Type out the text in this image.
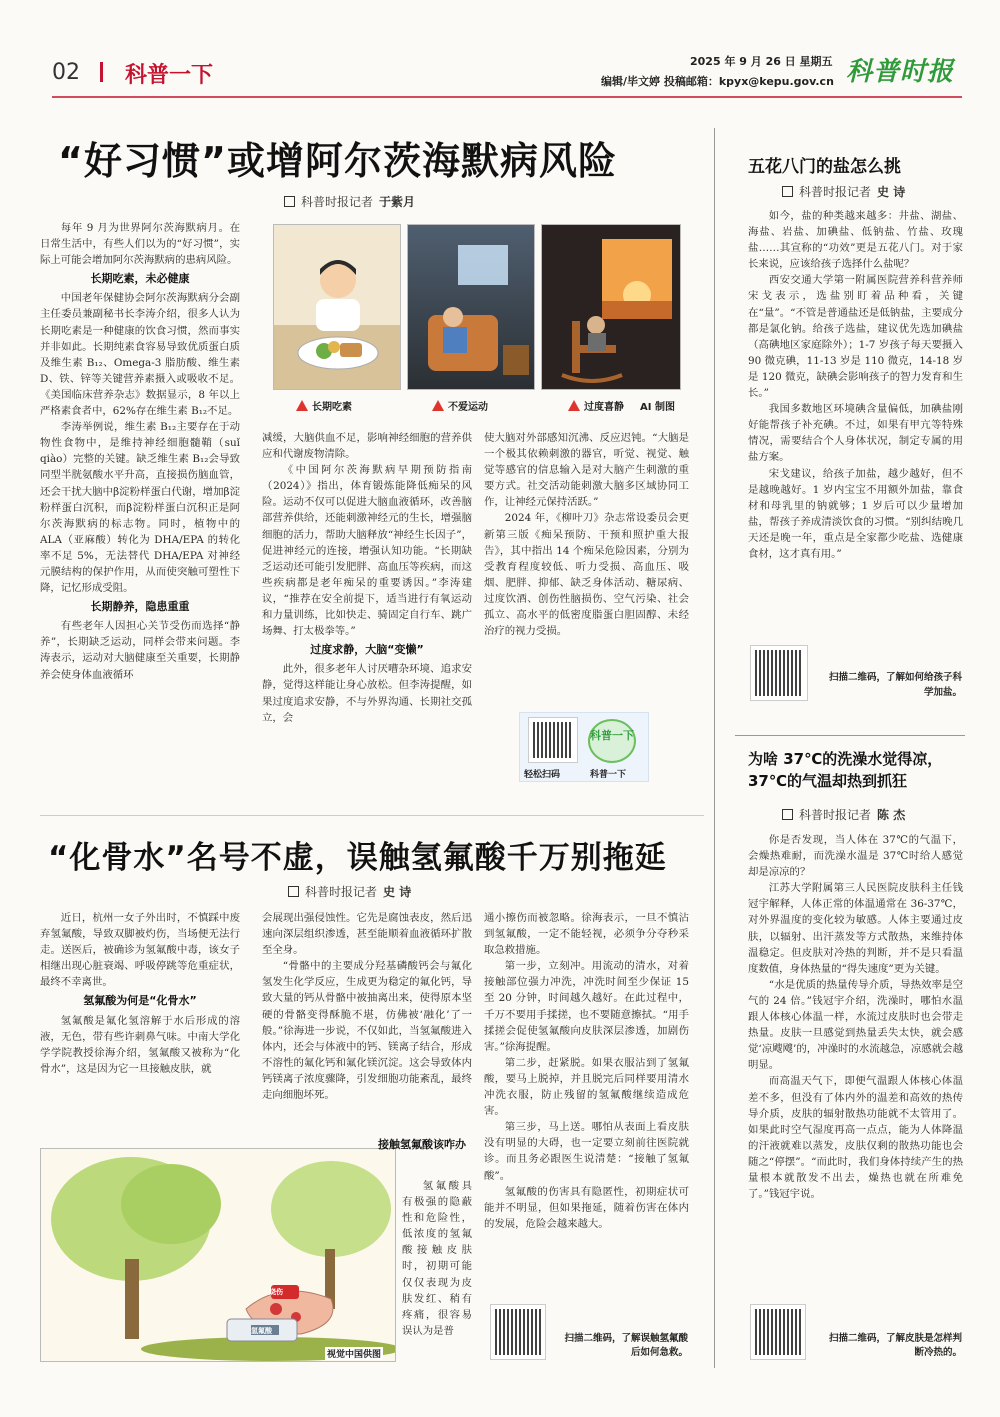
02 科普一下
2025 年 9 月 26 日 星期五
编辑/毕文婷 投稿邮箱：kpyx@kepu.gov.cn 科普时报
“好习惯”或增阿尔茨海默病风险
科普时报记者 于紫月

每年 9 月为世界阿尔茨海默病月。在日常生活中，有些人们以为的“好习惯”，实际上可能会增加阿尔茨海默病的患病风险。

长期吃素，未必健康

中国老年保健协会阿尔茨海默病分会副主任委员兼副秘书长李涛介绍，很多人认为长期吃素是一种健康的饮食习惯，然而事实并非如此。长期纯素食容易导致优质蛋白质及维生素 B₁₂、Omega-3 脂肪酸、维生素 D、铁、锌等关键营养素摄入或吸收不足。《美国临床营养杂志》数据显示，8 年以上严格素食者中，62%存在维生素 B₁₂不足。

李涛举例说，维生素 B₁₂主要存在于动物性食物中，是维持神经细胞髓鞘（suǐ qiào）完整的关键。缺乏维生素 B₁₂会导致同型半胱氨酸水平升高，直接损伤脑血管，还会干扰大脑中β淀粉样蛋白代谢，增加β淀粉样蛋白沉积，而β淀粉样蛋白沉积正是阿尔茨海默病的标志物。同时，植物中的 ALA（亚麻酸）转化为 DHA/EPA 的转化率不足 5%，无法替代 DHA/EPA 对神经元膜结构的保护作用，从而使突触可塑性下降，记忆形成受阻。

长期静养，隐患重重

有些老年人因担心关节受伤而选择“静养”，长期缺乏运动，同样会带来问题。李涛表示，运动对大脑健康至关重要，长期静养会使身体血液循环

长期吃素	不爱运动	过度喜静 AI 制图

减缓，大脑供血不足，影响神经细胞的营养供应和代谢废物清除。

《中国阿尔茨海默病早期预防指南（2024）》指出，体育锻炼能降低痴呆的风险。运动不仅可以促进大脑血液循环，改善脑部营养供给，还能刺激神经元的生长，增强脑细胞的活力，帮助大脑释放“神经生长因子”，促进神经元的连接，增强认知功能。“长期缺乏运动还可能引发肥胖、高血压等疾病，而这些疾病都是老年痴呆的重要诱因。”李涛建议，“推荐在安全前提下，适当进行有氧运动和力量训练，比如快走、骑固定自行车、跳广场舞、打太极拳等。”

过度求静，大脑“变懒”

此外，很多老年人讨厌嘈杂环境、追求安静，觉得这样能让身心放松。但李涛提醒，如果过度追求安静，不与外界沟通、长期社交孤立，会

使大脑对外部感知沉沸、反应迟钝。“大脑是一个极其依赖刺激的器官，听觉、视觉、触觉等感官的信息输入是对大脑产生刺激的重要方式。社交活动能刺激大脑多区域协同工作，让神经元保持活跃。”

2024 年，《柳叶刀》杂志常设委员会更新第三版《痴呆预防、干预和照护重大报告》，其中指出 14 个痴呆危险因素，分别为受教育程度较低、听力受损、高血压、吸烟、肥胖、抑郁、缺乏身体活动、糖尿病、过度饮酒、创伤性脑损伤、空气污染、社会孤立、高水平的低密度脂蛋白胆固醇、未经治疗的视力受损。

科普一下
轻松扫码	科普一下
“化骨水”名号不虚，误触氢氟酸千万别拖延
科普时报记者 史 诗

近日，杭州一女子外出时，不慎踩中废弃氢氟酸，导致双脚被灼伤，当场便无法行走。送医后，被确诊为氢氟酸中毒，该女子相继出现心脏衰竭、呼吸停跳等危重症状，最终不幸离世。

氢氟酸为何是“化骨水”

氢氟酸是氟化氢溶解于水后形成的溶液，无色，带有些许刺鼻气味。中南大学化学学院教授徐海介绍，氢氟酸又被称为“化骨水”，这是因为它一旦接触皮肤，就

会展现出强侵蚀性。它先是腐蚀表皮，然后迅速向深层组织渗透，甚至能顺着血液循环扩散至全身。

“骨骼中的主要成分羟基磷酸钙会与氟化氢发生化学反应，生成更为稳定的氟化钙，导致大量的钙从骨骼中被抽离出来，使得原本坚硬的骨骼变得酥脆不堪，仿佛被‘融化’了一般。”徐海进一步说，不仅如此，当氢氟酸进入体内，还会与体液中的钙、镁离子结合，形成不溶性的氟化钙和氟化镁沉淀。这会导致体内钙镁离子浓度骤降，引发细胞功能紊乱，最终走向细胞坏死。

烧伤
氢氟酸
视觉中国供图
接触氢氟酸该咋办

氢氟酸具有极强的隐蔽性和危险性，低浓度的氢氟酸接触皮肤时，初期可能仅仅表现为皮肤发红、稍有疼痛，很容易误认为是普

通小擦伤而被忽略。徐海表示，一旦不慎沾到氢氟酸，一定不能轻视，必须争分夺秒采取急救措施。

第一步，立刻冲。用流动的清水，对着接触部位强力冲洗，冲洗时间至少保证 15 至 20 分钟，时间越久越好。在此过程中，千万不要用手揉搓，也不要随意擦拭。“用手揉搓会促使氢氟酸向皮肤深层渗透，加剧伤害。”徐海提醒。

第二步，赶紧脱。如果衣服沾到了氢氟酸，要马上脱掉，并且脱完后同样要用清水冲洗衣服，防止残留的氢氟酸继续造成危害。

第三步，马上送。哪怕从表面上看皮肤没有明显的大碍，也一定要立刻前往医院就诊。而且务必跟医生说清楚：“接触了氢氟酸”。

氢氟酸的伤害具有隐匿性，初期症状可能并不明显，但如果拖延，随着伤害在体内的发展，危险会越来越大。

扫描二维码，了解误触氢氟酸后如何急救。
五花八门的盐怎么挑
科普时报记者 史 诗

如今，盐的种类越来越多：井盐、湖盐、海盐、岩盐、加碘盐、低钠盐、竹盐、玫瑰盐……其宣称的“功效”更是五花八门。对于家长来说，应该给孩子选择什么盐呢？

西安交通大学第一附属医院营养科营养师宋戈表示，选盐别盯着品种看，关键在“量”。“不管是普通盐还是低钠盐，主要成分都是氯化钠。给孩子选盐，建议优先选加碘盐（高碘地区家庭除外）；1-7 岁孩子每天要摄入 90 微克碘，11-13 岁是 110 微克，14-18 岁是 120 微克，缺碘会影响孩子的智力发育和生长。”

我国多数地区环境碘含量偏低，加碘盐刚好能帮孩子补充碘。不过，如果有甲亢等特殊情况，需要结合个人身体状况，制定专属的用盐方案。

宋戈建议，给孩子加盐，越少越好，但不是越晚越好。1 岁内宝宝不用额外加盐，靠食材和母乳里的钠就够；1 岁后可以少量增加盐，帮孩子养成清淡饮食的习惯。“别纠结晚几天还是晚一年，重点是全家都少吃盐、选健康食材，这才真有用。”

扫描二维码，了解如何给孩子科学加盐。
为啥 37℃的洗澡水觉得凉，
37℃的气温却热到抓狂
科普时报记者 陈 杰

你是否发现，当人体在 37℃的气温下，会燥热难耐，而洗澡水温是 37℃时给人感觉却是凉凉的？

江苏大学附属第三人民医院皮肤科主任钱冠宇解释，人体正常的体温通常在 36-37℃，对外界温度的变化较为敏感。人体主要通过皮肤，以辐射、出汗蒸发等方式散热，来维持体温稳定。但皮肤对冷热的判断，并不是只看温度数值，身体热量的“得失速度”更为关键。

“水是优质的热量传导介质，导热效率是空气的 24 倍。”钱冠宇介绍，洗澡时，哪怕水温跟人体核心体温一样，水流过皮肤时也会带走热量。皮肤一旦感觉到热量丢失太快，就会感觉‘凉飕飕’的，冲澡时的水流越急，凉感就会越明显。

而高温天气下，即便气温跟人体核心体温差不多，但没有了体内外的温差和高效的热传导介质，皮肤的辐射散热功能就不太管用了。如果此时空气湿度再高一点点，能为人体降温的汗液就难以蒸发，皮肤仅剩的散热功能也会随之“停摆”。“而此时，我们身体持续产生的热量根本就散发不出去，燥热也就在所难免了。”钱冠宇说。

扫描二维码，了解皮肤是怎样判断冷热的。
